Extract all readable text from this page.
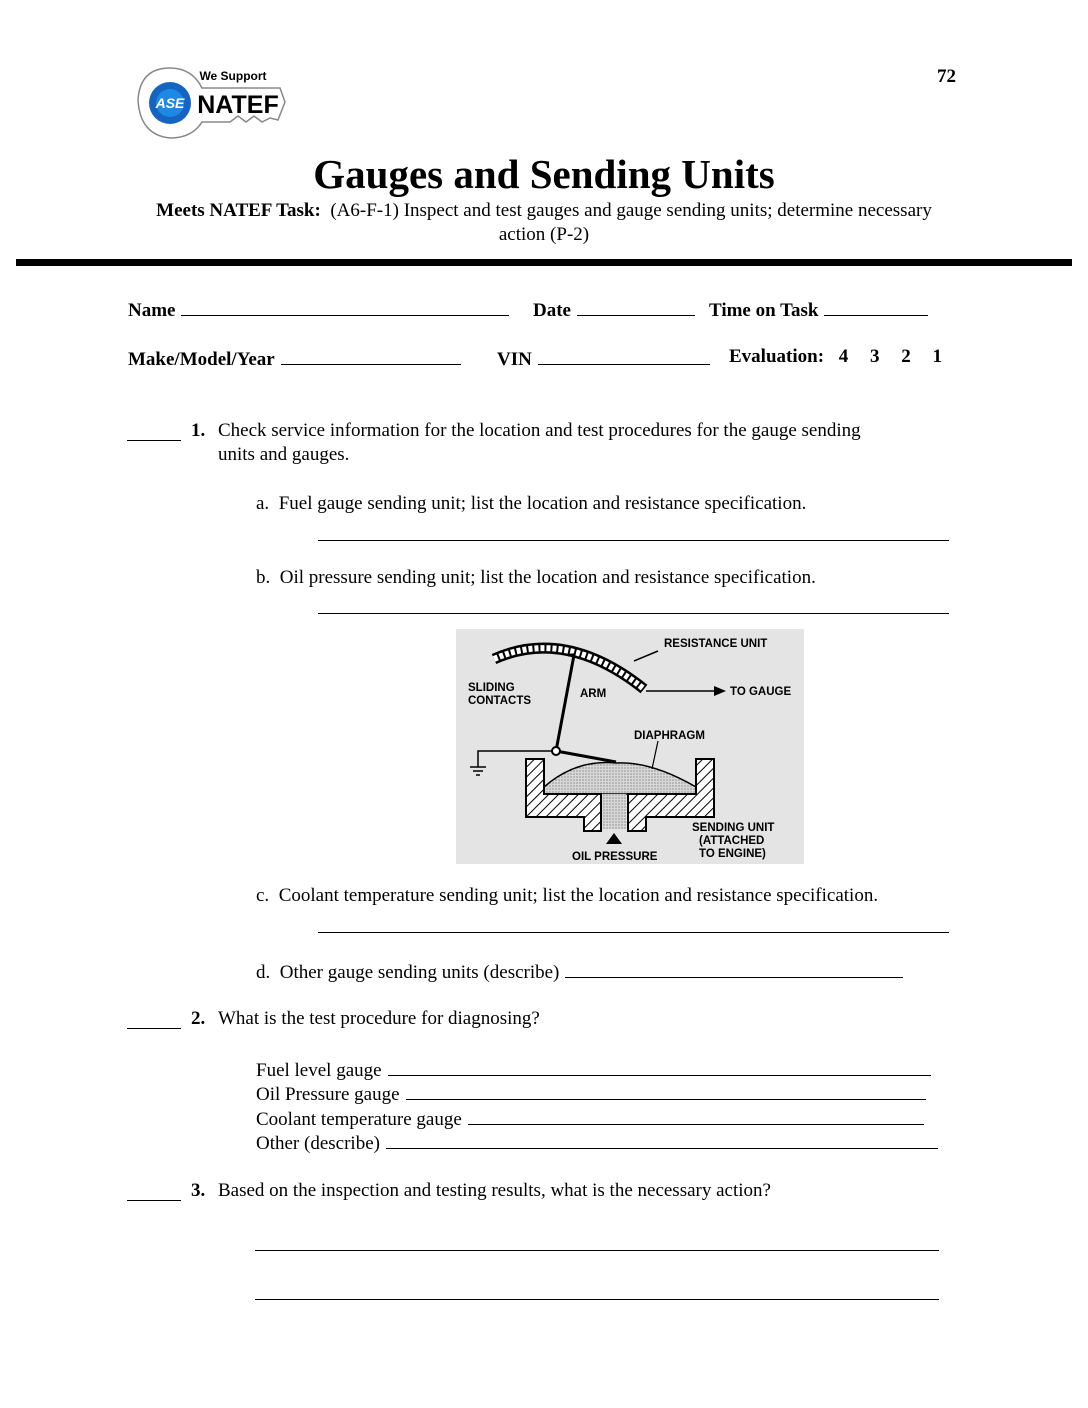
ASE
We Support
NATEF
72
Gauges and Sending Units
Meets NATEF Task: (A6-F-1) Inspect and test gauges and gauge sending units; determine necessary action (P-2)
Name	Date	Time on Task
Make/Model/Year	VIN	Evaluation: 4 3 2 1
1. Check service information for the location and test procedures for the gauge sending
units and gauges.
a. Fuel gauge sending unit; list the location and resistance specification.
b. Oil pressure sending unit; list the location and resistance specification.
RESISTANCE UNIT
SLIDING
CONTACTS
ARM	TO GAUGE
DIAPHRAGM
SENDING UNIT
(ATTACHED
TO ENGINE)
OIL PRESSURE
c. Coolant temperature sending unit; list the location and resistance specification.
d. Other gauge sending units (describe)
2. What is the test procedure for diagnosing?
Fuel level gauge
Oil Pressure gauge
Coolant temperature gauge
Other (describe)
3. Based on the inspection and testing results, what is the necessary action?
